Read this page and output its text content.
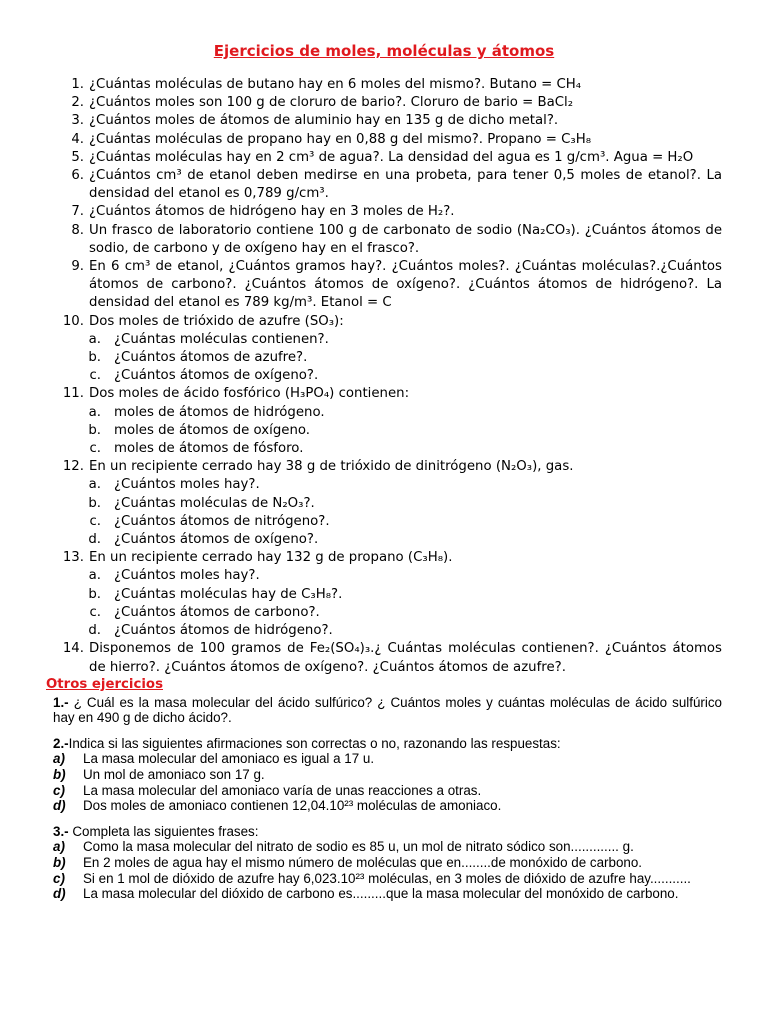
Ejercicios de moles, moléculas y átomos
1. ¿Cuántas moléculas de butano hay en 6 moles del mismo?. Butano = CH₄
2. ¿Cuántos moles son 100 g de cloruro de bario?. Cloruro de bario = BaCl₂
3. ¿Cuántos moles de átomos de aluminio hay en 135 g de dicho metal?.
4. ¿Cuántas moléculas de propano hay en 0,88 g del mismo?. Propano = C₃H₈
5. ¿Cuántas moléculas hay en 2 cm³ de agua?. La densidad del agua es 1 g/cm³. Agua = H₂O
6. ¿Cuántos cm³ de etanol deben medirse en una probeta, para tener 0,5 moles de etanol?. La densidad del etanol es 0,789 g/cm³.
7. ¿Cuántos átomos de hidrógeno hay en 3 moles de H₂?.
8. Un frasco de laboratorio contiene 100 g de carbonato de sodio (Na₂CO₃). ¿Cuántos átomos de sodio, de carbono y de oxígeno hay en el frasco?.
9. En 6 cm³ de etanol, ¿Cuántos gramos hay?. ¿Cuántos moles?. ¿Cuántas moléculas?.¿Cuántos átomos de carbono?. ¿Cuántos átomos de oxígeno?. ¿Cuántos átomos de hidrógeno?. La densidad del etanol es 789 kg/m³. Etanol = C
10. Dos moles de trióxido de azufre (SO₃):
a. ¿Cuántas moléculas contienen?.
b. ¿Cuántos átomos de azufre?.
c. ¿Cuántos átomos de oxígeno?.
11. Dos moles de ácido fosfórico (H₃PO₄) contienen:
a. moles de átomos de hidrógeno.
b. moles de átomos de oxígeno.
c. moles de átomos de fósforo.
12. En un recipiente cerrado hay 38 g de trióxido de dinitrógeno (N₂O₃), gas.
a. ¿Cuántos moles hay?.
b. ¿Cuántas moléculas de N₂O₃?.
c. ¿Cuántos átomos de nitrógeno?.
d. ¿Cuántos átomos de oxígeno?.
13. En un recipiente cerrado hay 132 g de propano (C₃H₈).
a. ¿Cuántos moles hay?.
b. ¿Cuántas moléculas hay de C₃H₈?.
c. ¿Cuántos átomos de carbono?.
d. ¿Cuántos átomos de hidrógeno?.
14. Disponemos de 100 gramos de Fe₂(SO₄)₃.¿ Cuántas moléculas contienen?. ¿Cuántos átomos de hierro?. ¿Cuántos átomos de oxígeno?. ¿Cuántos átomos de azufre?.
Otros ejercicios
1.- ¿ Cuál es la masa molecular del ácido sulfúrico? ¿ Cuántos moles y cuántas moléculas de ácido sulfúrico hay en 490 g de dicho ácido?.
2.-Indica si las siguientes afirmaciones son correctas o no, razonando las respuestas:
a)	La masa molecular del amoniaco es igual a 17 u.
b)	Un mol de amoniaco son 17 g.
c)	La masa molecular del amoniaco varía de unas reacciones a otras.
d)	Dos moles de amoniaco contienen 12,04.10²³ moléculas de amoniaco.
3.- Completa las siguientes frases:
a)	Como la masa molecular del nitrato de sodio es 85 u, un mol de nitrato sódico son............. g.
b)	En 2 moles de agua hay el mismo número de moléculas que en........de monóxido de carbono.
c)	Si en 1 mol de dióxido de azufre hay 6,023.10²³ moléculas, en 3 moles de dióxido de azufre hay...........
d)	La masa molecular del dióxido de carbono es.........que la masa molecular del monóxido de carbono.
